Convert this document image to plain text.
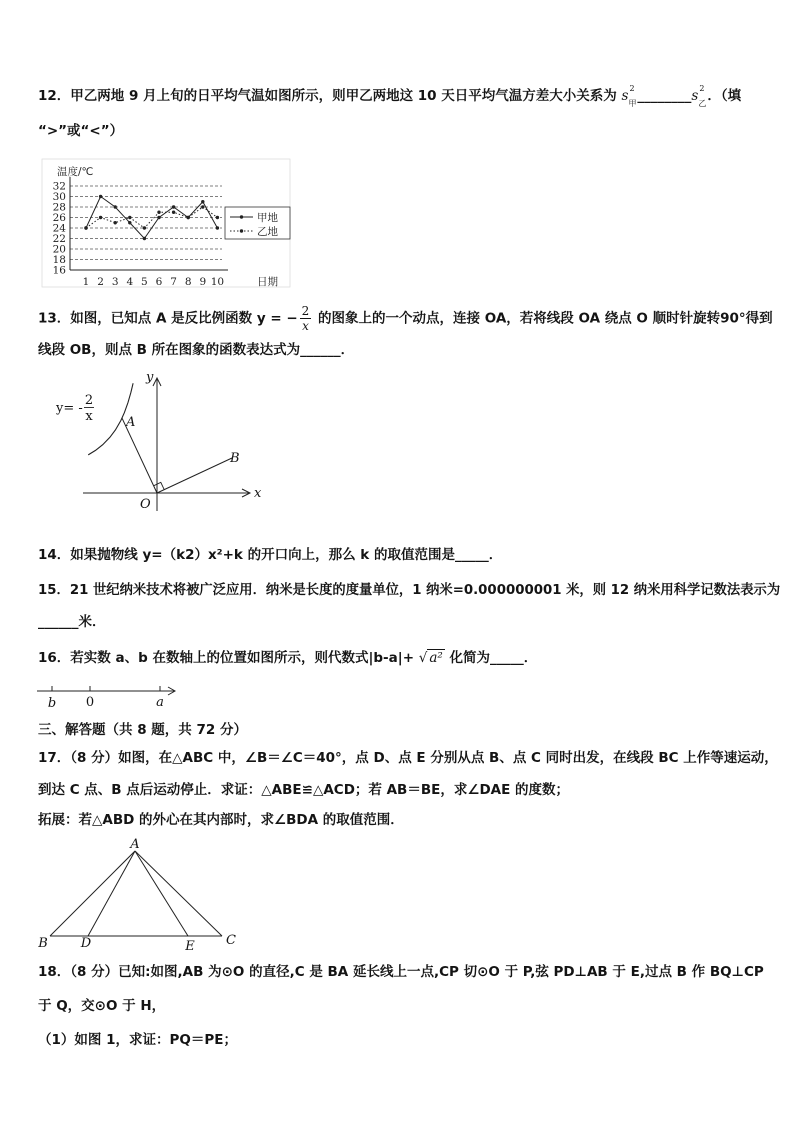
12．甲乙两地 9 月上旬的日平均气温如图所示，则甲乙两地这 10 天日平均气温方差大小关系为 s 2
甲 ________s 2
乙 ．（填
“>”或“<”）
温度/℃
日期
16
18
20
22
24
26
28
30
32
1 2 3 4 5 6 7 8 9 10
甲地
乙地
13．如图，已知点 A 是反比例函数 y = − $\frac{2}{x}$ 的图象上的一个动点，连接 OA，若将线段 OA 绕点 O 顺时针旋转90°得到
线段 OB，则点 B 所在图象的函数表达式为______．
y
x
O
A
B
y= -
2
x
14．如果抛物线 y=（k2）x²+k 的开口向上，那么 k 的取值范围是_____．
15．21 世纪纳米技术将被广泛应用．纳米是长度的度量单位，1 纳米=0.000000001 米，则 12 纳米用科学记数法表示为
______米．
16．若实数 a、b 在数轴上的位置如图所示，则代数式|b-a|+ √ a² 化简为_____．
b 0	a
三、解答题（共 8 题，共 72 分）
17．（8 分）如图，在△ABC 中，∠B＝∠C＝40°，点 D、点 E 分别从点 B、点 C 同时出发，在线段 BC 上作等速运动，
到达 C 点、B 点后运动停止．求证：△ABE≌△ACD；若 AB＝BE，求∠DAE 的度数；
拓展：若△ABD 的外心在其内部时，求∠BDA 的取值范围．
A
B	D	E C
18．（8 分）已知:如图,AB 为⊙O 的直径,C 是 BA 延长线上一点,CP 切⊙O 于 P,弦 PD⊥AB 于 E,过点 B 作 BQ⊥CP
于 Q，交⊙O 于 H，
（1）如图 1，求证：PQ＝PE；
